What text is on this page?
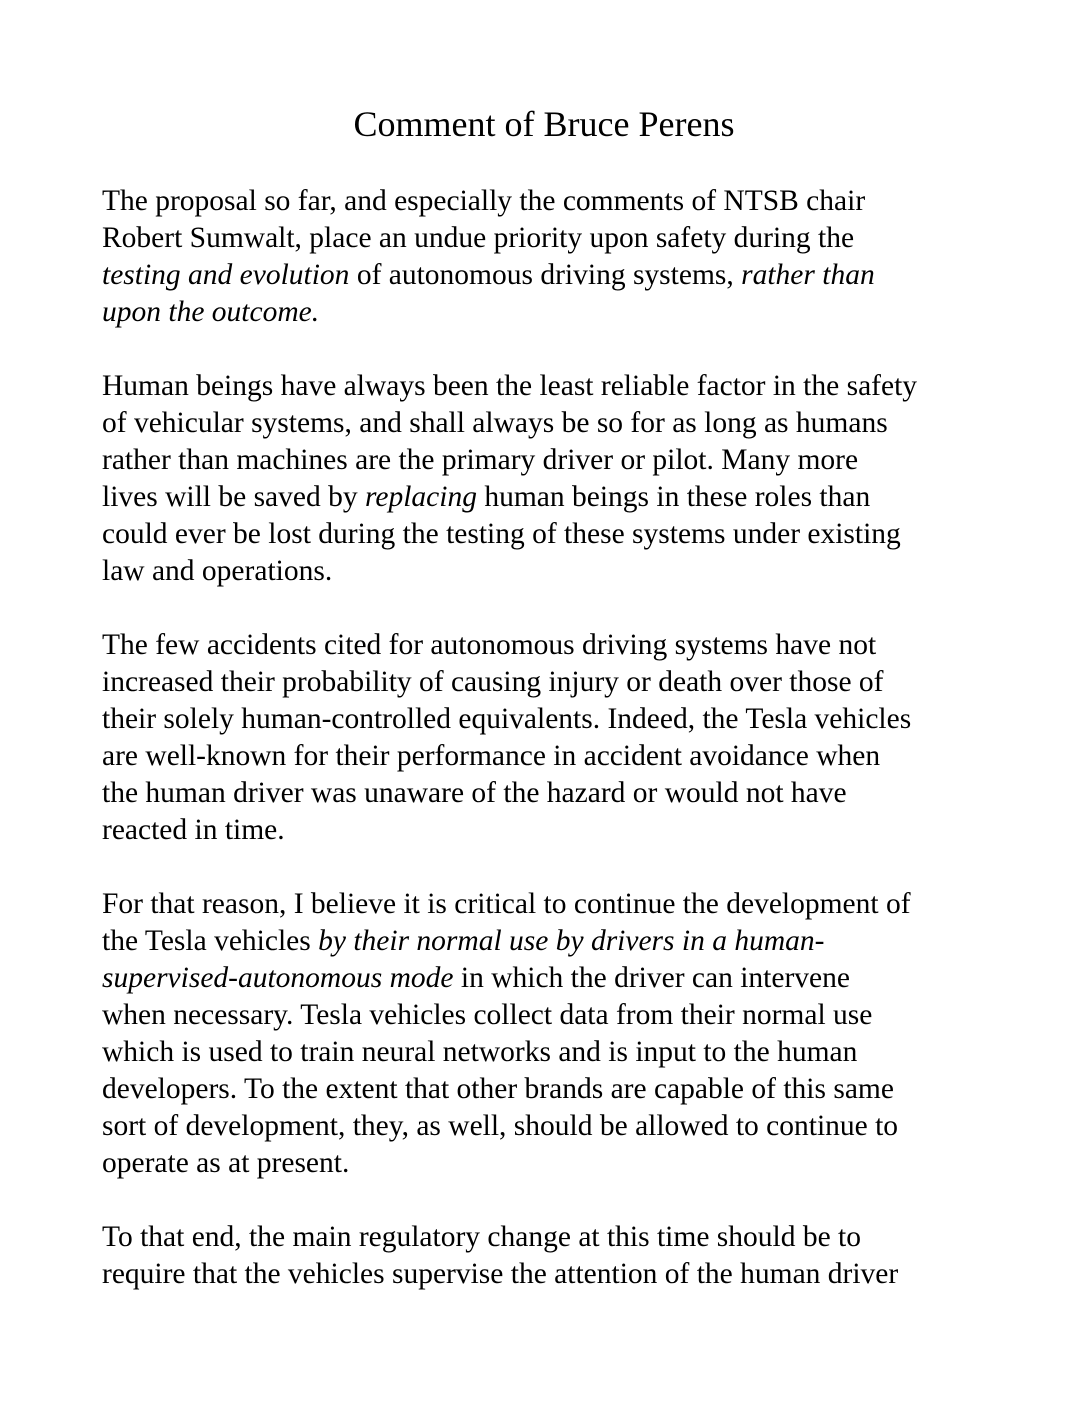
Comment of Bruce Perens
The proposal so far, and especially the comments of NTSB chair
Robert Sumwalt, place an undue priority upon safety during the
testing and evolution of autonomous driving systems, rather than
upon the outcome.
Human beings have always been the least reliable factor in the safety
of vehicular systems, and shall always be so for as long as humans
rather than machines are the primary driver or pilot. Many more
lives will be saved by replacing human beings in these roles than
could ever be lost during the testing of these systems under existing
law and operations.
The few accidents cited for autonomous driving systems have not
increased their probability of causing injury or death over those of
their solely human-controlled equivalents. Indeed, the Tesla vehicles
are well-known for their performance in accident avoidance when
the human driver was unaware of the hazard or would not have
reacted in time.
For that reason, I believe it is critical to continue the development of
the Tesla vehicles by their normal use by drivers in a human-
supervised-autonomous mode in which the driver can intervene
when necessary. Tesla vehicles collect data from their normal use
which is used to train neural networks and is input to the human
developers. To the extent that other brands are capable of this same
sort of development, they, as well, should be allowed to continue to
operate as at present.
To that end, the main regulatory change at this time should be to
require that the vehicles supervise the attention of the human driver
